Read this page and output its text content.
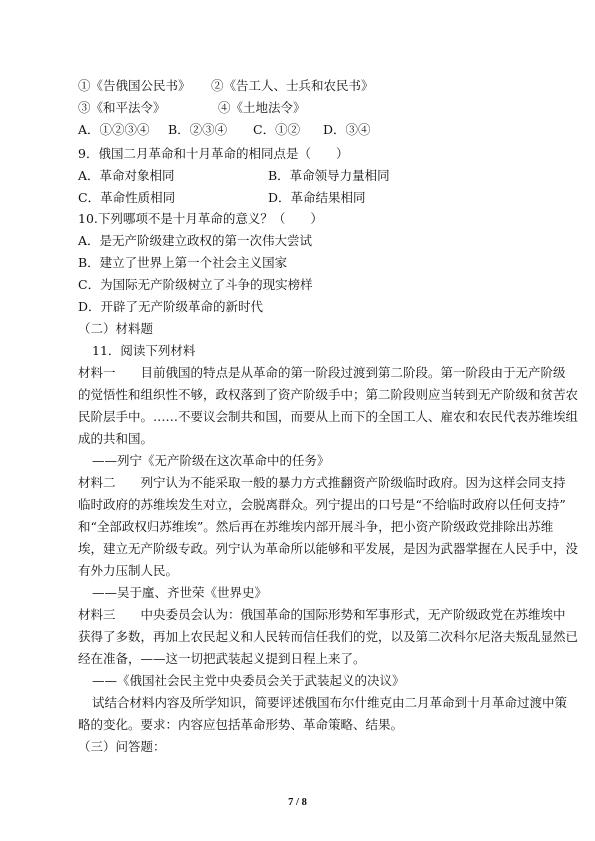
①《告俄国公民书》 ②《告工人、士兵和农民书》
③《和平法令》	④《土地法令》
A．①②③④ B．②③④ C．①② D．③④
9．俄国二月革命和十月革命的相同点是（　　）
A．革命对象相同	B．革命领导力量相同
C．革命性质相同	D．革命结果相同
10.下列哪项不是十月革命的意义？（　　）
A．是无产阶级建立政权的第一次伟大尝试
B．建立了世界上第一个社会主义国家
C．为国际无产阶级树立了斗争的现实榜样
D．开辟了无产阶级革命的新时代
（二）材料题
11．阅读下列材料
材料一　　目前俄国的特点是从革命的第一阶段过渡到第二阶段。第一阶段由于无产阶级
的觉悟性和组织性不够，政权落到了资产阶级手中；第二阶段则应当转到无产阶级和贫苦农
民阶层手中。……不要议会制共和国，而要从上而下的全国工人、雇农和农民代表苏维埃组
成的共和国。
——列宁《无产阶级在这次革命中的任务》
材料二　　列宁认为不能采取一般的暴力方式推翻资产阶级临时政府。因为这样会同支持
临时政府的苏维埃发生对立，会脱离群众。列宁提出的口号是“不给临时政府以任何支持”
和“全部政权归苏维埃”。然后再在苏维埃内部开展斗争，把小资产阶级政党排除出苏维
埃，建立无产阶级专政。列宁认为革命所以能够和平发展，是因为武器掌握在人民手中，没
有外力压制人民。
——吴于廑、齐世荣《世界史》
材料三　　中央委员会认为：俄国革命的国际形势和军事形式，无产阶级政党在苏维埃中
获得了多数，再加上农民起义和人民转而信任我们的党，以及第二次科尔尼洛夫叛乱显然已
经在准备，——这一切把武装起义提到日程上来了。
——《俄国社会民主党中央委员会关于武装起义的决议》
试结合材料内容及所学知识，简要评述俄国布尔什维克由二月革命到十月革命过渡中策
略的变化。要求：内容应包括革命形势、革命策略、结果。
（三）问答题：
7 / 8
